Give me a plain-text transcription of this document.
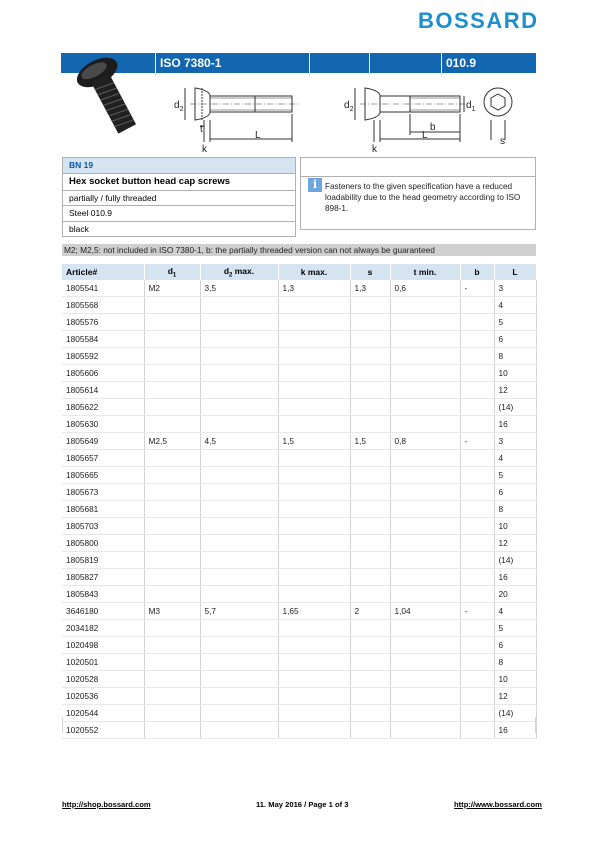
BOSSARD
ISO 7380-1	010.9
$d_2$
t
k
L
$d_2$
k
L
b
$d_1$
s
BN 19
Hex socket button head cap screws
partially / fully threaded
Steel 010.9
black
i Fasteners to the given specification have a reduced loadability due to the head geometry according to ISO 898-1.
M2; M2,5: not included in ISO 7380-1, b: the partially threaded version can not always be guaranteed
Article#	$d_1$	$d_2$ max.	k max.	s	t min.	b	L
1805541	M2	3,5	1,3	1,3	0,6	-	3
1805568							4
1805576							5
1805584							6
1805592							8
1805606							10
1805614							12
1805622							(14)
1805630							16
1805649	M2,5	4,5	1,5	1,5	0,8	-	3
1805657							4
1805665							5
1805673							6
1805681							8
1805703							10
1805800							12
1805819							(14)
1805827							16
1805843							20
3646180	M3	5,7	1,65	2	1,04	-	4
2034182							5
1020498							6
1020501							8
1020528							10
1020536							12
1020544							(14)
1020552							16
http://shop.bossard.com	11. May 2016 / Page 1 of 3	http://www.bossard.com
